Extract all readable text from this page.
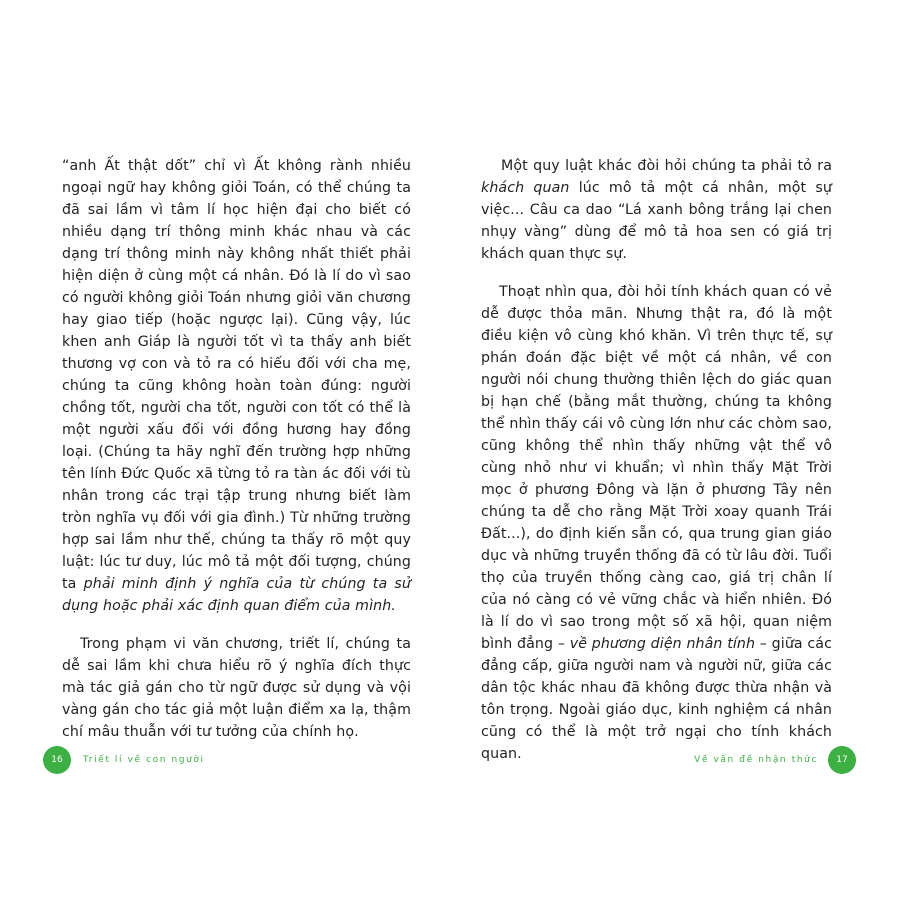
“anh Ất thật dốt” chỉ vì Ất không rành nhiều ngoại ngữ hay không giỏi Toán, có thể chúng ta đã sai lầm vì tâm lí học hiện đại cho biết có nhiều dạng trí thông minh khác nhau và các dạng trí thông minh này không nhất thiết phải hiện diện ở cùng một cá nhân. Đó là lí do vì sao có người không giỏi Toán nhưng giỏi văn chương hay giao tiếp (hoặc ngược lại). Cũng vậy, lúc khen anh Giáp là người tốt vì ta thấy anh biết thương vợ con và tỏ ra có hiếu đối với cha mẹ, chúng ta cũng không hoàn toàn đúng: người chồng tốt, người cha tốt, người con tốt có thể là một người xấu đối với đồng hương hay đồng loại. (Chúng ta hãy nghĩ đến trường hợp những tên lính Đức Quốc xã từng tỏ ra tàn ác đối với tù nhân trong các trại tập trung nhưng biết làm tròn nghĩa vụ đối với gia đình.) Từ những trường hợp sai lầm như thế, chúng ta thấy rõ một quy luật: lúc tư duy, lúc mô tả một đối tượng, chúng ta phải minh định ý nghĩa của từ chúng ta sử dụng hoặc phải xác định quan điểm của mình.

Trong phạm vi văn chương, triết lí, chúng ta dễ sai lầm khi chưa hiểu rõ ý nghĩa đích thực mà tác giả gán cho từ ngữ được sử dụng và vội vàng gán cho tác giả một luận điểm xa lạ, thậm chí mâu thuẫn với tư tưởng của chính họ.

16	Triết lí về con người

Một quy luật khác đòi hỏi chúng ta phải tỏ ra khách quan lúc mô tả một cá nhân, một sự việc... Câu ca dao “Lá xanh bông trắng lại chen nhụy vàng” dùng để mô tả hoa sen có giá trị khách quan thực sự.

Thoạt nhìn qua, đòi hỏi tính khách quan có vẻ dễ được thỏa mãn. Nhưng thật ra, đó là một điều kiện vô cùng khó khăn. Vì trên thực tế, sự phán đoán đặc biệt về một cá nhân, về con người nói chung thường thiên lệch do giác quan bị hạn chế (bằng mắt thường, chúng ta không thể nhìn thấy cái vô cùng lớn như các chòm sao, cũng không thể nhìn thấy những vật thể vô cùng nhỏ như vi khuẩn; vì nhìn thấy Mặt Trời mọc ở phương Đông và lặn ở phương Tây nên chúng ta dễ cho rằng Mặt Trời xoay quanh Trái Đất...), do định kiến sẵn có, qua trung gian giáo dục và những truyền thống đã có từ lâu đời. Tuổi thọ của truyền thống càng cao, giá trị chân lí của nó càng có vẻ vững chắc và hiển nhiên. Đó là lí do vì sao trong một số xã hội, quan niệm bình đẳng – về phương diện nhân tính – giữa các đẳng cấp, giữa người nam và người nữ, giữa các dân tộc khác nhau đã không được thừa nhận và tôn trọng. Ngoài giáo dục, kinh nghiệm cá nhân cũng có thể là một trở ngại cho tính khách quan.	Về vấn đề nhận thức	17
